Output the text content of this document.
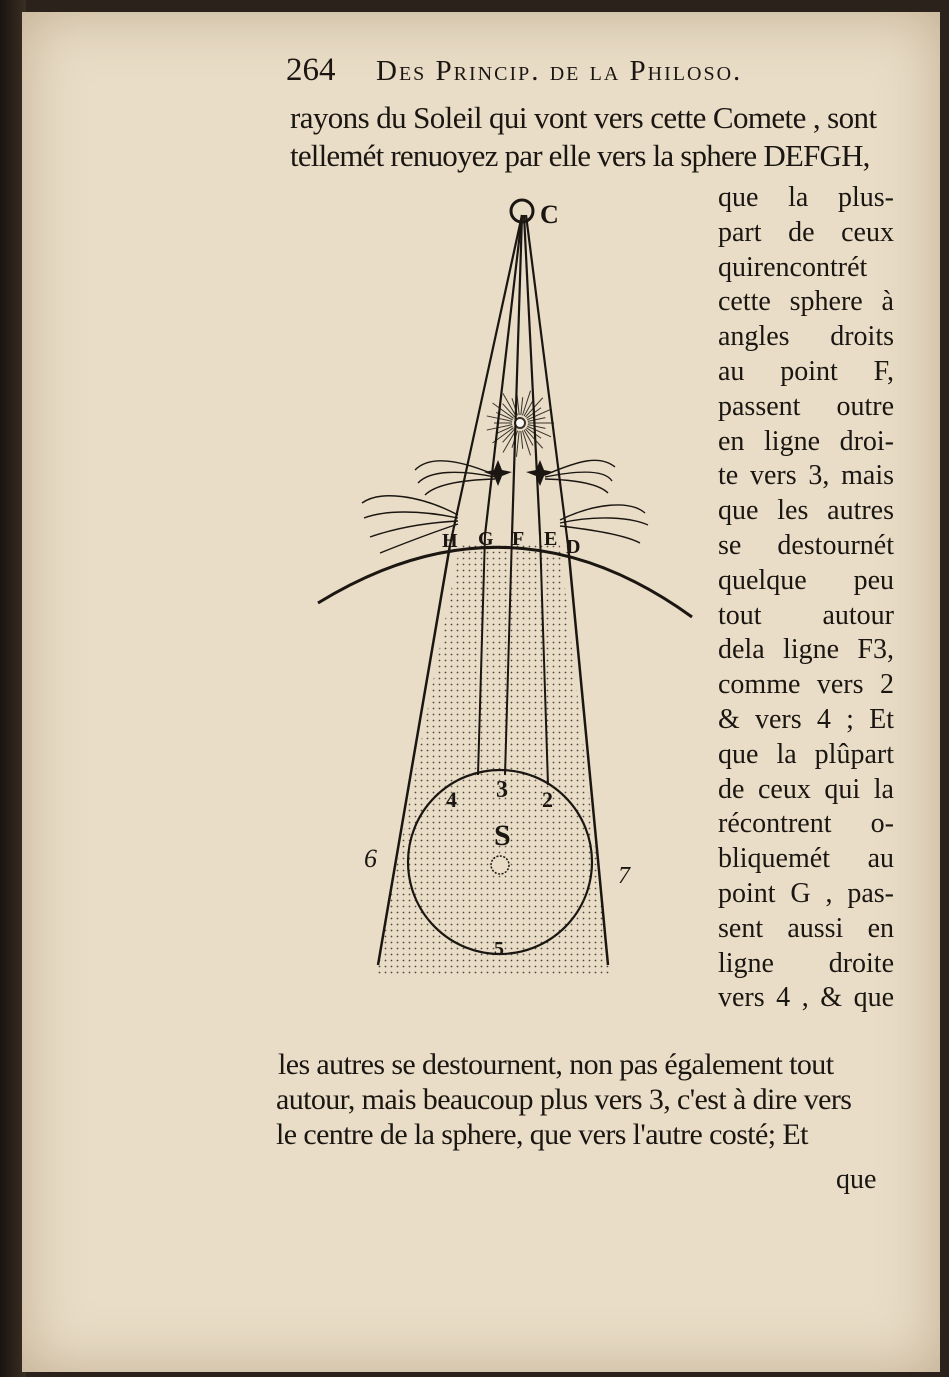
264 Des Princip. de la Philoso.
rayons du Soleil qui vont vers cette Comete , sont
tellemét renuoyez par elle vers la sphere DEFGH,
que la plus-
part de ceux
quirencontrét
cette sphere à
angles droits
au point F,
passent outre
en ligne droi-
te vers 3, mais
que les autres
se destournét
quelque peu
tout autour
dela ligne F3,
comme vers 2
& vers 4 ; Et
que la plûpart
de ceux qui la
récontrent o-
bliquemét au
point G , pas-
sent aussi en
ligne droite
vers 4 , & que
C
H G F E D
3
4	2
S
5
6
7
les autres se destournent, non pas également tout
autour, mais beaucoup plus vers 3, c'est à dire vers
le centre de la sphere, que vers l'autre costé; Et
que
